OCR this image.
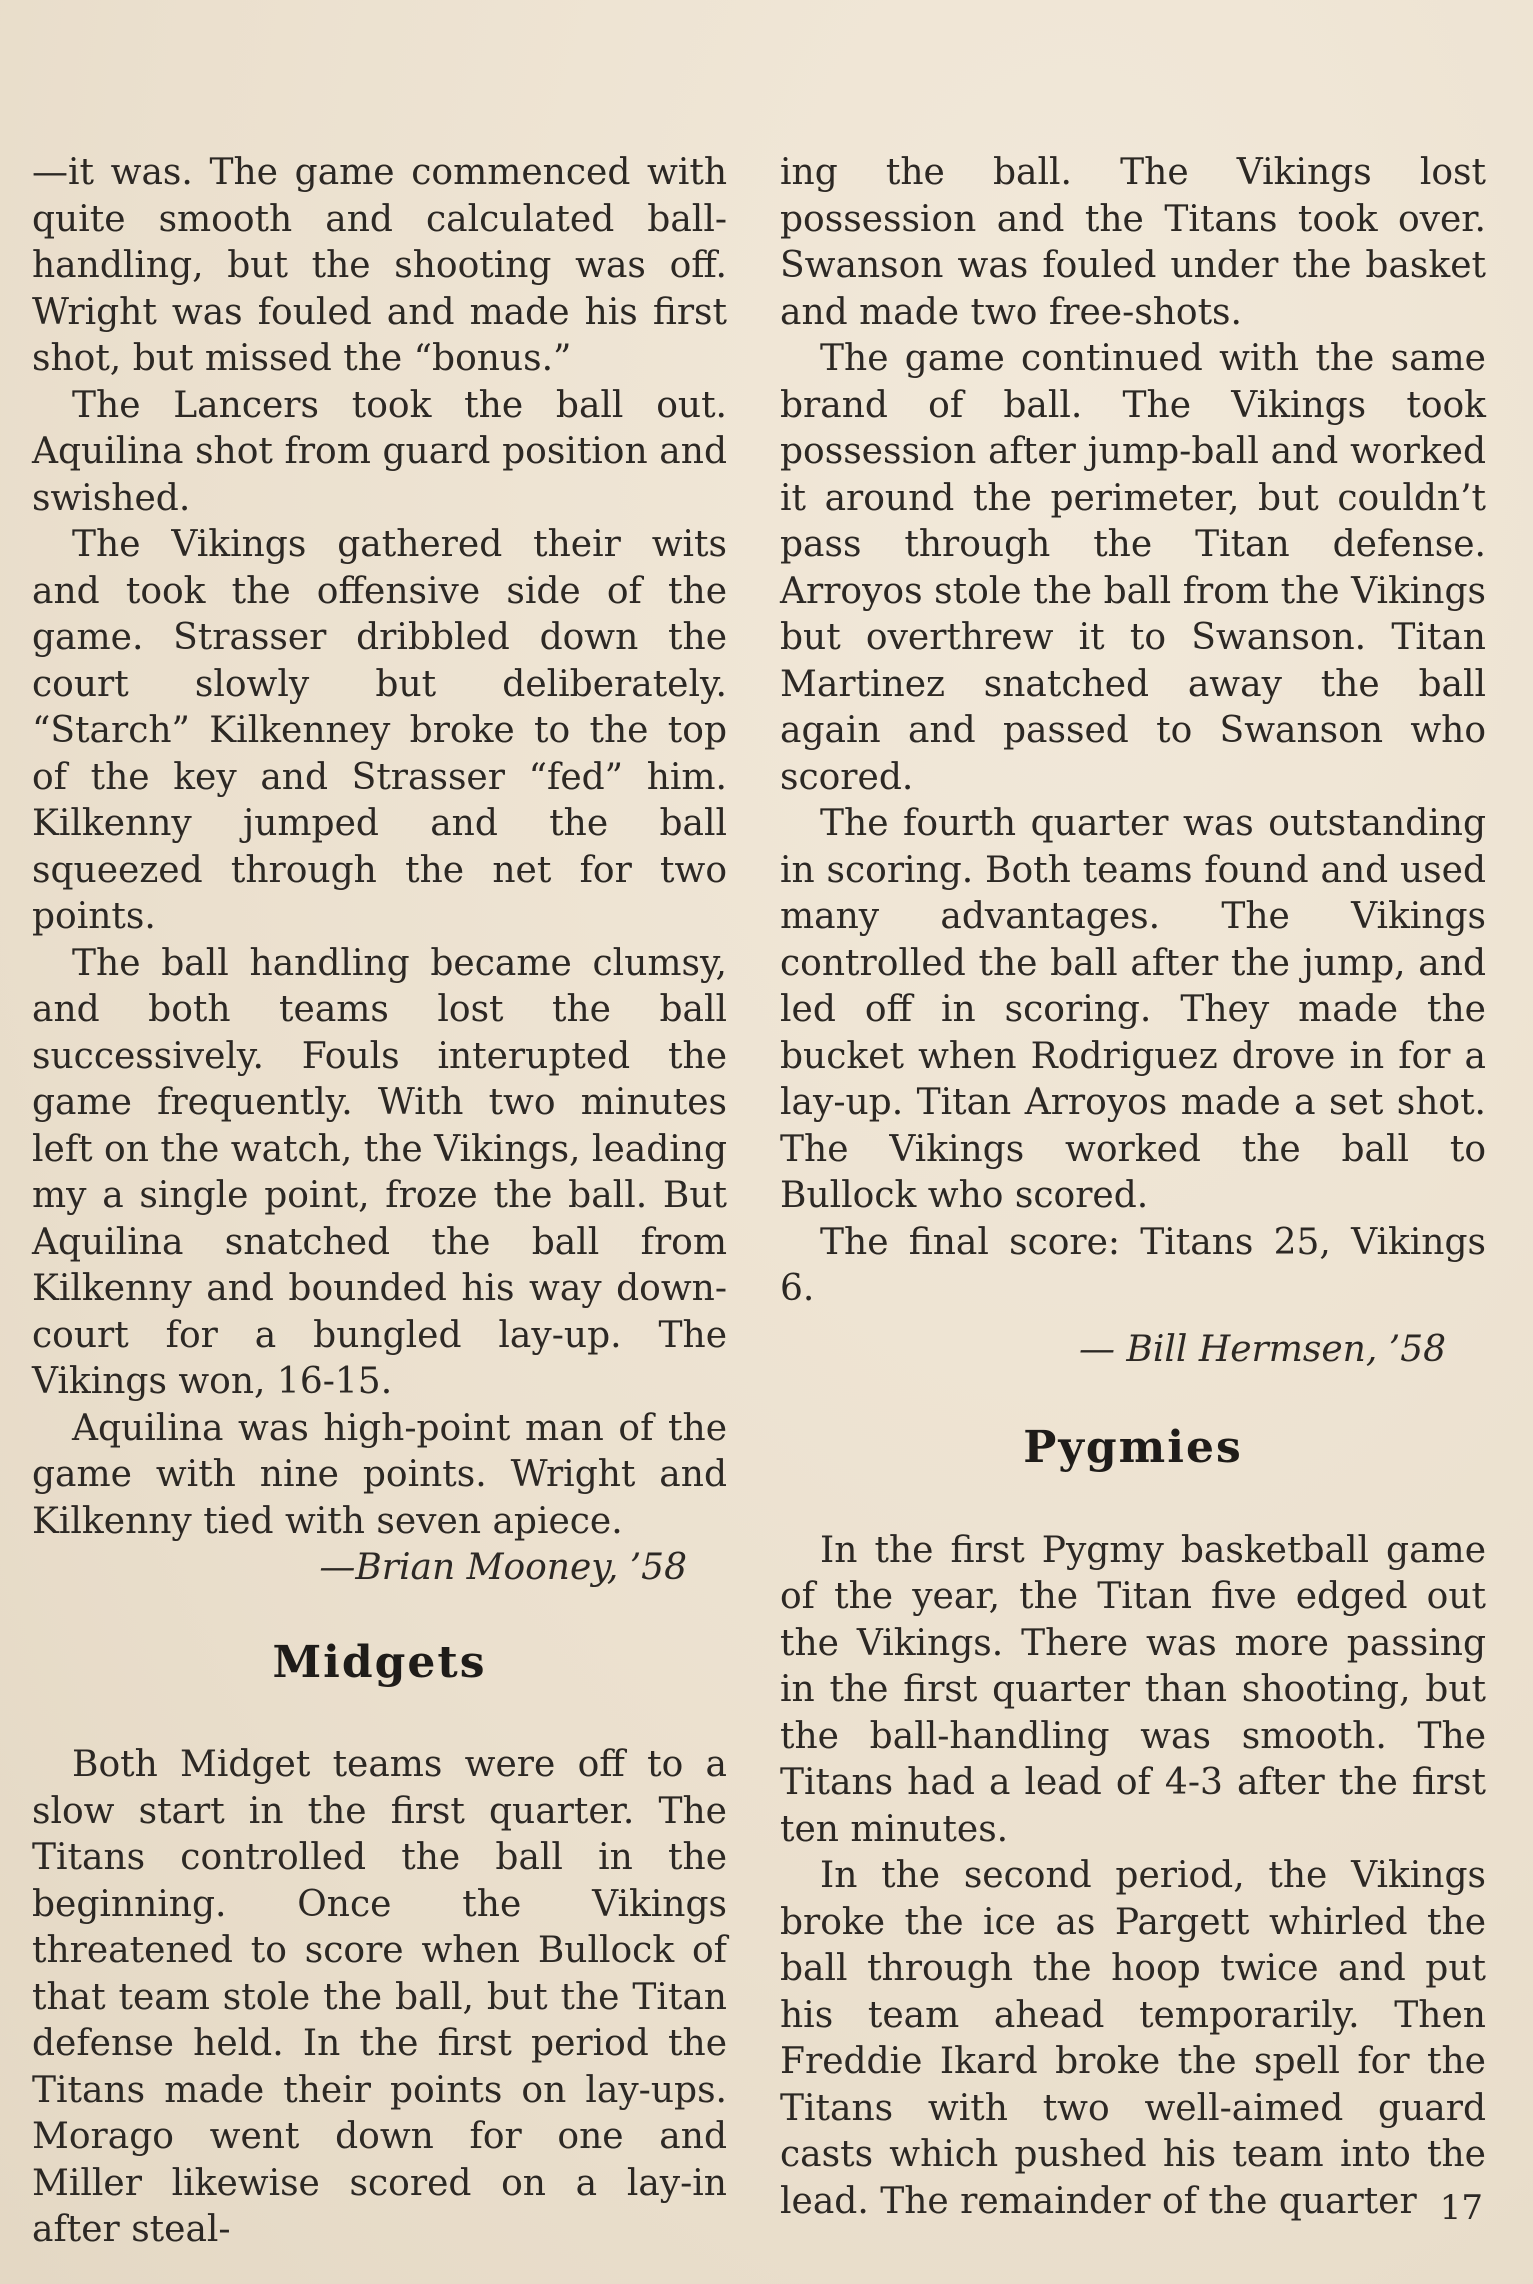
—it was. The game commenced with quite smooth and calculated ball-handling, but the shooting was off. Wright was fouled and made his first shot, but missed the “bonus.”

The Lancers took the ball out. Aquilina shot from guard position and swished.

The Vikings gathered their wits and took the offensive side of the game. Strasser dribbled down the court slowly but deliberately. “Starch” Kilkenney broke to the top of the key and Strasser “fed” him. Kilkenny jumped and the ball squeezed through the net for two points.

The ball handling became clumsy, and both teams lost the ball successively. Fouls interupted the game frequently. With two minutes left on the watch, the Vikings, leading my a single point, froze the ball. But Aquilina snatched the ball from Kilkenny and bounded his way down-court for a bungled lay-up. The Vikings won, 16-15.

Aquilina was high-point man of the game with nine points. Wright and Kilkenny tied with seven apiece.

—Brian Mooney, ’58

Midgets

Both Midget teams were off to a slow start in the first quarter. The Titans controlled the ball in the beginning. Once the Vikings threatened to score when Bullock of that team stole the ball, but the Titan defense held. In the first period the Titans made their points on lay-ups. Morago went down for one and Miller likewise scored on a lay-in after steal-

ing the ball. The Vikings lost possession and the Titans took over. Swanson was fouled under the basket and made two free-shots.

The game continued with the same brand of ball. The Vikings took possession after jump-ball and worked it around the perimeter, but couldn’t pass through the Titan defense. Arroyos stole the ball from the Vikings but overthrew it to Swanson. Titan Martinez snatched away the ball again and passed to Swanson who scored.

The fourth quarter was outstanding in scoring. Both teams found and used many advantages. The Vikings controlled the ball after the jump, and led off in scoring. They made the bucket when Rodriguez drove in for a lay-up. Titan Arroyos made a set shot. The Vikings worked the ball to Bullock who scored.

The final score: Titans 25, Vikings 6.

— Bill Hermsen, ’58

Pygmies

In the first Pygmy basketball game of the year, the Titan five edged out the Vikings. There was more passing in the first quarter than shooting, but the ball-handling was smooth. The Titans had a lead of 4-3 after the first ten minutes.

In the second period, the Vikings broke the ice as Pargett whirled the ball through the hoop twice and put his team ahead temporarily. Then Freddie Ikard broke the spell for the Titans with two well-aimed guard casts which pushed his team into the lead. The remainder of the quarter 17
